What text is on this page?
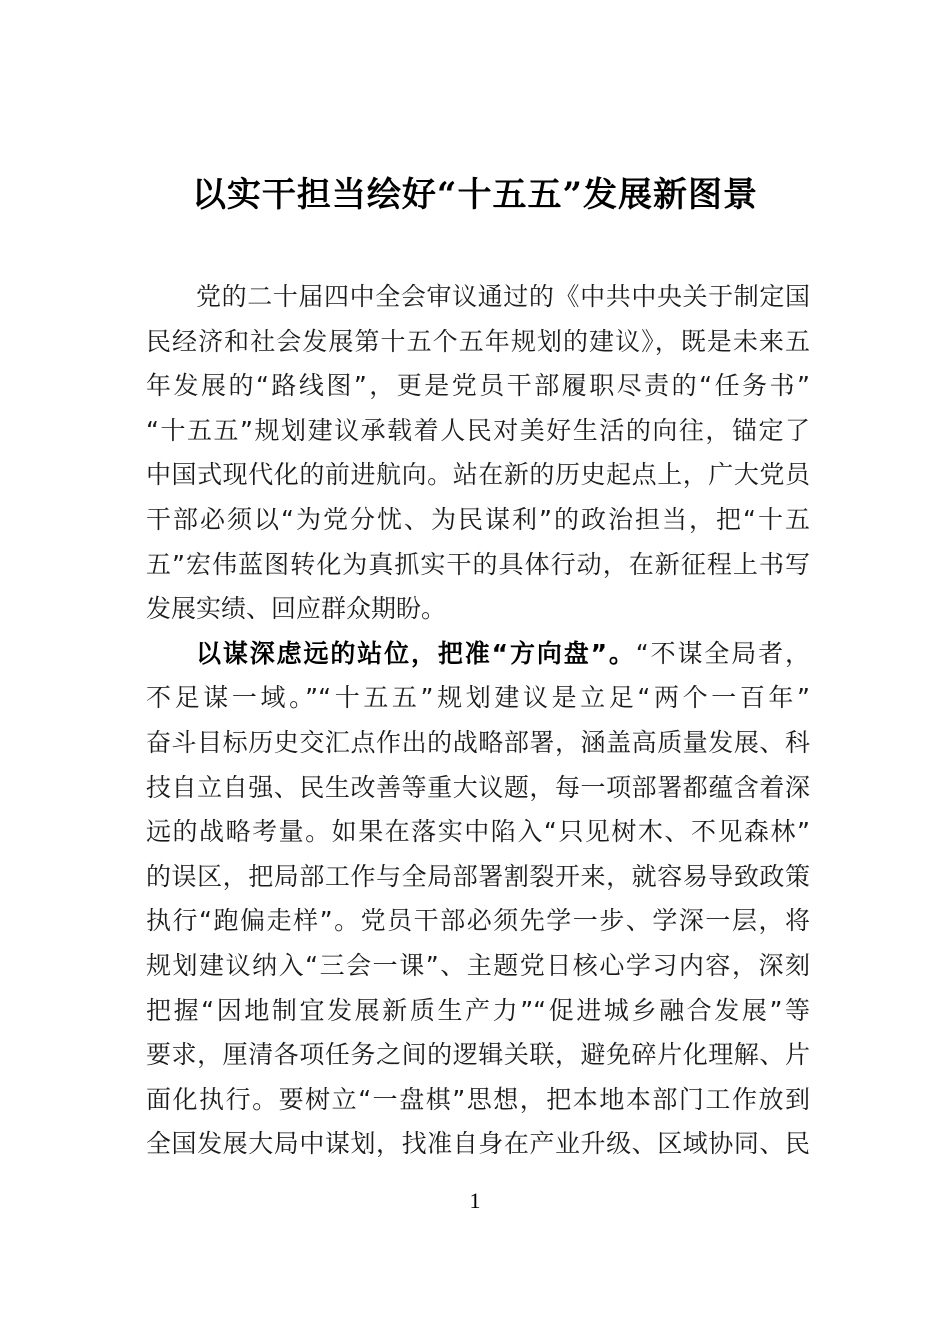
以实干担当绘好“十五五”发展新图景
党的二十届四中全会审议通过的《中共中央关于制定国
民经济和社会发展第十五个五年规划的建议》，既是未来五
年发展的“路线图”，更是党员干部履职尽责的“任务书”
“十五五”规划建议承载着人民对美好生活的向往，锚定了
中国式现代化的前进航向。站在新的历史起点上，广大党员
干部必须以“为党分忧、为民谋利”的政治担当，把“十五
五”宏伟蓝图转化为真抓实干的具体行动，在新征程上书写
发展实绩、回应群众期盼。
以谋深虑远的站位，把准“方向盘”。“不谋全局者，
不足谋一域。”“十五五”规划建议是立足“两个一百年”
奋斗目标历史交汇点作出的战略部署，涵盖高质量发展、科
技自立自强、民生改善等重大议题，每一项部署都蕴含着深
远的战略考量。如果在落实中陷入“只见树木、不见森林”
的误区，把局部工作与全局部署割裂开来，就容易导致政策
执行“跑偏走样”。党员干部必须先学一步、学深一层，将
规划建议纳入“三会一课”、主题党日核心学习内容，深刻
把握“因地制宜发展新质生产力”“促进城乡融合发展”等
要求，厘清各项任务之间的逻辑关联，避免碎片化理解、片
面化执行。要树立“一盘棋”思想，把本地本部门工作放到
全国发展大局中谋划，找准自身在产业升级、区域协同、民
1
